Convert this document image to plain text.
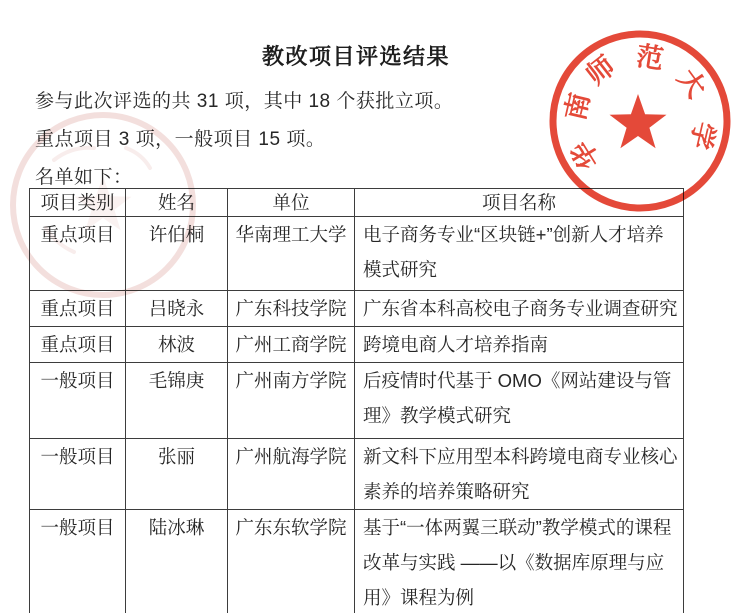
教改项目评选结果

参与此次评选的共 31 项，其中 18 个获批立项。

重点项目 3 项，一般项目 15 项。

名单如下：

项目类别	姓名	单位	项目名称
重点项目	许伯桐	华南理工大学	电子商务专业“区块链+”创新人才培养模式研究
重点项目	吕晓永	广东科技学院	广东省本科高校电子商务专业调查研究
重点项目	林波	广州工商学院	跨境电商人才培养指南
一般项目	毛锦庚	广州南方学院	后疫情时代基于 OMO《网站建设与管理》教学模式研究
一般项目	张丽	广州航海学院	新文科下应用型本科跨境电商专业核心素养的培养策略研究
一般项目	陆冰琳	广东东软学院	基于“一体两翼三联动”教学模式的课程改革与实践 ——以《数据库原理与应用》课程为例

华
南
师 范
大
学
